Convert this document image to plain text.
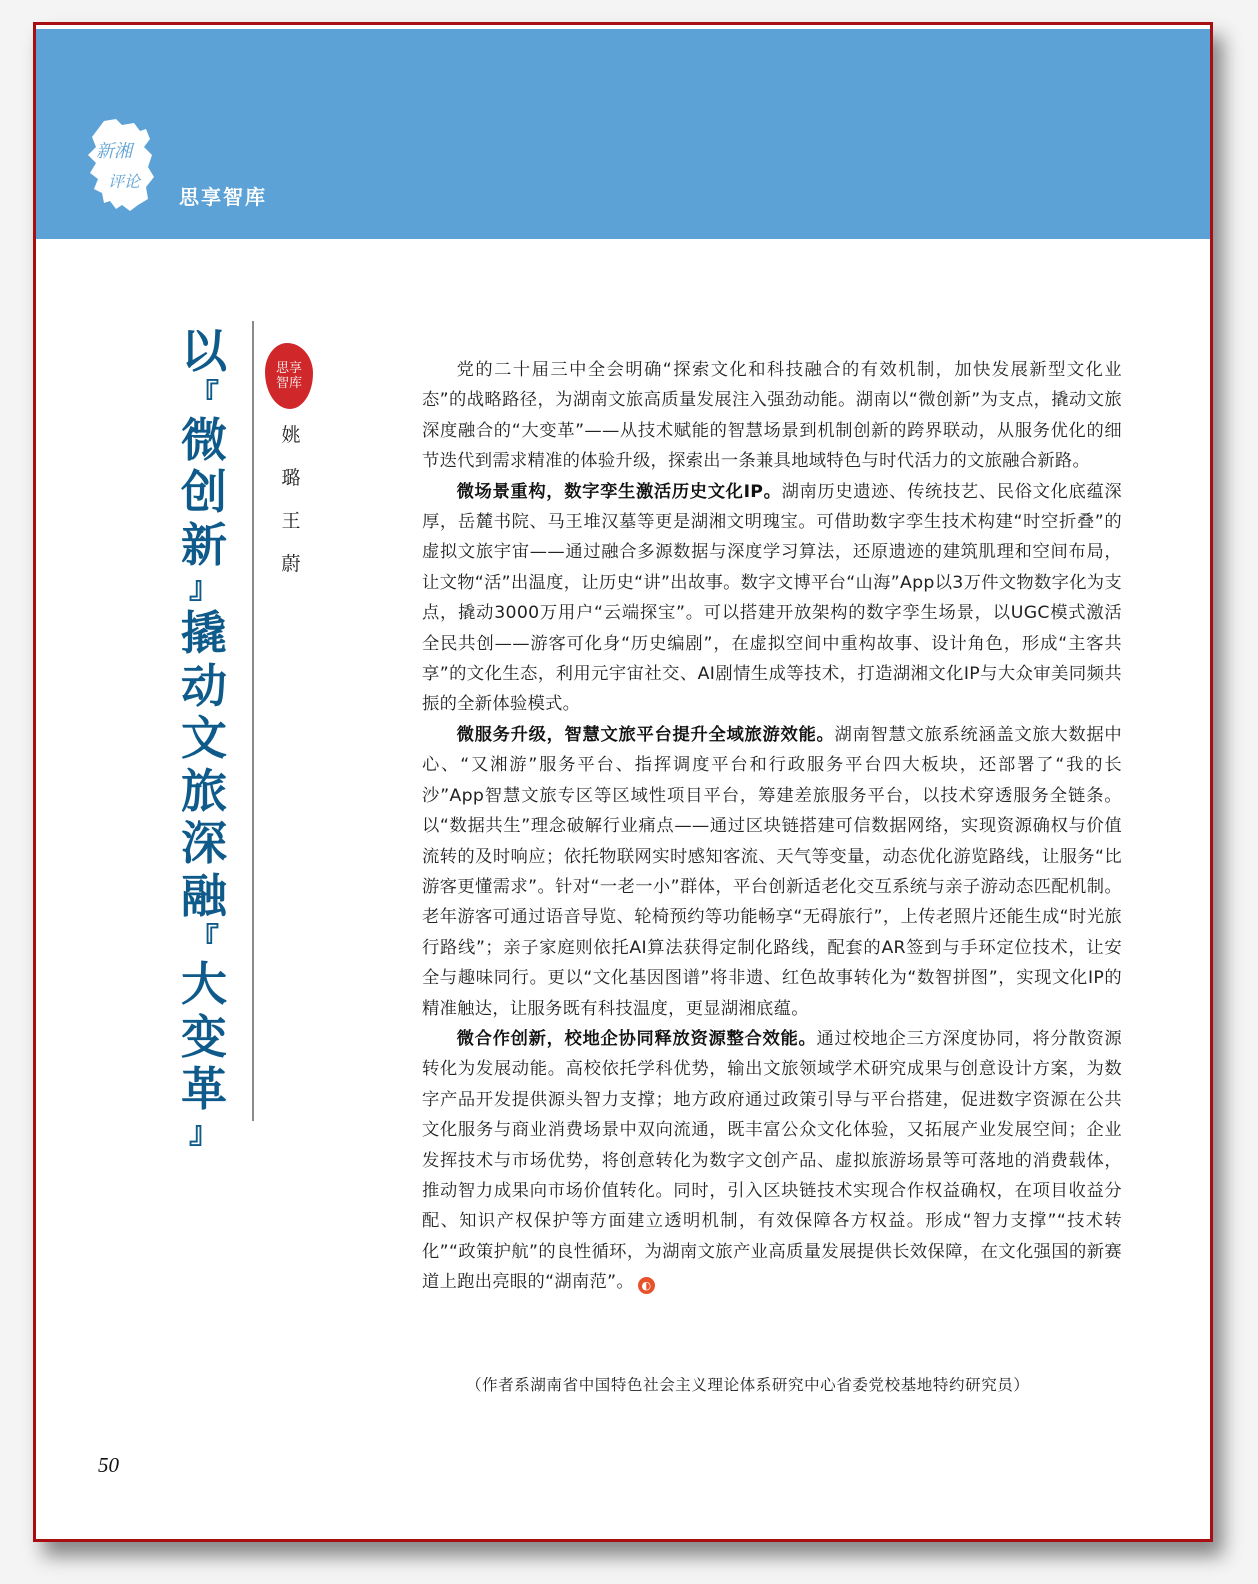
新湘
评论
思享智库
以
『
微
创
新
』
撬
动
文
旅
深
融
『
大
变
革
』
思享
智库
姚
璐
王
蔚

党的二十届三中全会明确“探索文化和科技融合的有效机制，加快发展新型文化业态”的战略路径，为湖南文旅高质量发展注入强劲动能。湖南以“微创新”为支点，撬动文旅深度融合的“大变革”——从技术赋能的智慧场景到机制创新的跨界联动，从服务优化的细节迭代到需求精准的体验升级，探索出一条兼具地域特色与时代活力的文旅融合新路。

微场景重构，数字孪生激活历史文化IP。湖南历史遗迹、传统技艺、民俗文化底蕴深厚，岳麓书院、马王堆汉墓等更是湖湘文明瑰宝。可借助数字孪生技术构建“时空折叠”的虚拟文旅宇宙——通过融合多源数据与深度学习算法，还原遗迹的建筑肌理和空间布局，让文物“活”出温度，让历史“讲”出故事。数字文博平台“山海”App以3万件文物数字化为支点，撬动3000万用户“云端探宝”。可以搭建开放架构的数字孪生场景，以UGC模式激活全民共创——游客可化身“历史编剧”，在虚拟空间中重构故事、设计角色，形成“主客共享”的文化生态，利用元宇宙社交、AI剧情生成等技术，打造湖湘文化IP与大众审美同频共振的全新体验模式。

微服务升级，智慧文旅平台提升全域旅游效能。湖南智慧文旅系统涵盖文旅大数据中心、“又湘游”服务平台、指挥调度平台和行政服务平台四大板块，还部署了“我的长沙”App智慧文旅专区等区域性项目平台，筹建差旅服务平台，以技术穿透服务全链条。以“数据共生”理念破解行业痛点——通过区块链搭建可信数据网络，实现资源确权与价值流转的及时响应；依托物联网实时感知客流、天气等变量，动态优化游览路线，让服务“比游客更懂需求”。针对“一老一小”群体，平台创新适老化交互系统与亲子游动态匹配机制。老年游客可通过语音导览、轮椅预约等功能畅享“无碍旅行”，上传老照片还能生成“时光旅行路线”；亲子家庭则依托AI算法获得定制化路线，配套的AR签到与手环定位技术，让安全与趣味同行。更以“文化基因图谱”将非遗、红色故事转化为“数智拼图”，实现文化IP的精准触达，让服务既有科技温度，更显湖湘底蕴。

微合作创新，校地企协同释放资源整合效能。通过校地企三方深度协同，将分散资源转化为发展动能。高校依托学科优势，输出文旅领域学术研究成果与创意设计方案，为数字产品开发提供源头智力支撑；地方政府通过政策引导与平台搭建，促进数字资源在公共文化服务与商业消费场景中双向流通，既丰富公众文化体验，又拓展产业发展空间；企业发挥技术与市场优势，将创意转化为数字文创产品、虚拟旅游场景等可落地的消费载体，推动智力成果向市场价值转化。同时，引入区块链技术实现合作权益确权，在项目收益分配、知识产权保护等方面建立透明机制，有效保障各方权益。形成“智力支撑”“技术转化”“政策护航”的良性循环，为湖南文旅产业高质量发展提供长效保障，在文化强国的新赛道上跑出亮眼的“湖南范”。 ◐

（作者系湖南省中国特色社会主义理论体系研究中心省委党校基地特约研究员）
50
